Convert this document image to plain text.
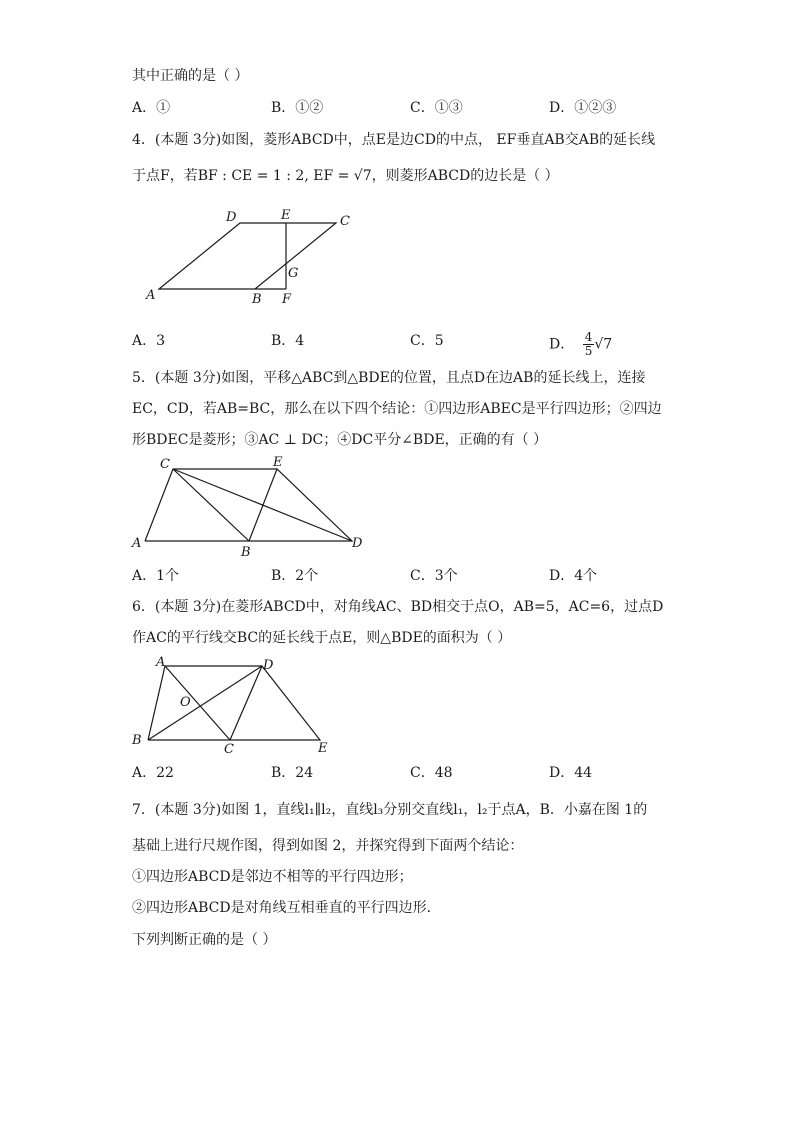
其中正确的是（ ）
A．①	B．①②	C．①③	D．①②③
4．(本题 3分)如图，菱形ABCD中，点E是边CD的中点， EF垂直AB交AB的延长线
于点F，若BF : CE = 1 : 2, EF = √7，则菱形ABCD的边长是（ ）
D	E	C
G
A	B F
A．3	B．4	C．5	D． $\frac{4}{5} √7$
5．(本题 3分)如图，平移△ABC到△BDE的位置，且点D在边AB的延长线上，连接
EC，CD，若AB=BC，那么在以下四个结论：①四边形ABEC是平行四边形；②四边
形BDEC是菱形；③AC ⊥ DC；④DC平分∠BDE，正确的有（ ）
C	E
A
B
D
A．1个	B．2个	C．3个	D．4个
6．(本题 3分)在菱形ABCD中，对角线AC、BD相交于点O，AB=5，AC=6，过点D
作AC的平行线交BC的延长线于点E，则△BDE的面积为（ ）
A	D
O
B
C	E
A．22	B．24	C．48	D．44
7．(本题 3分)如图 1，直线l₁∥l₂，直线l₃分别交直线l₁，l₂于点A，B．小嘉在图 1的
基础上进行尺规作图，得到如图 2，并探究得到下面两个结论：
①四边形ABCD是邻边不相等的平行四边形；
②四边形ABCD是对角线互相垂直的平行四边形．
下列判断正确的是（ ）
